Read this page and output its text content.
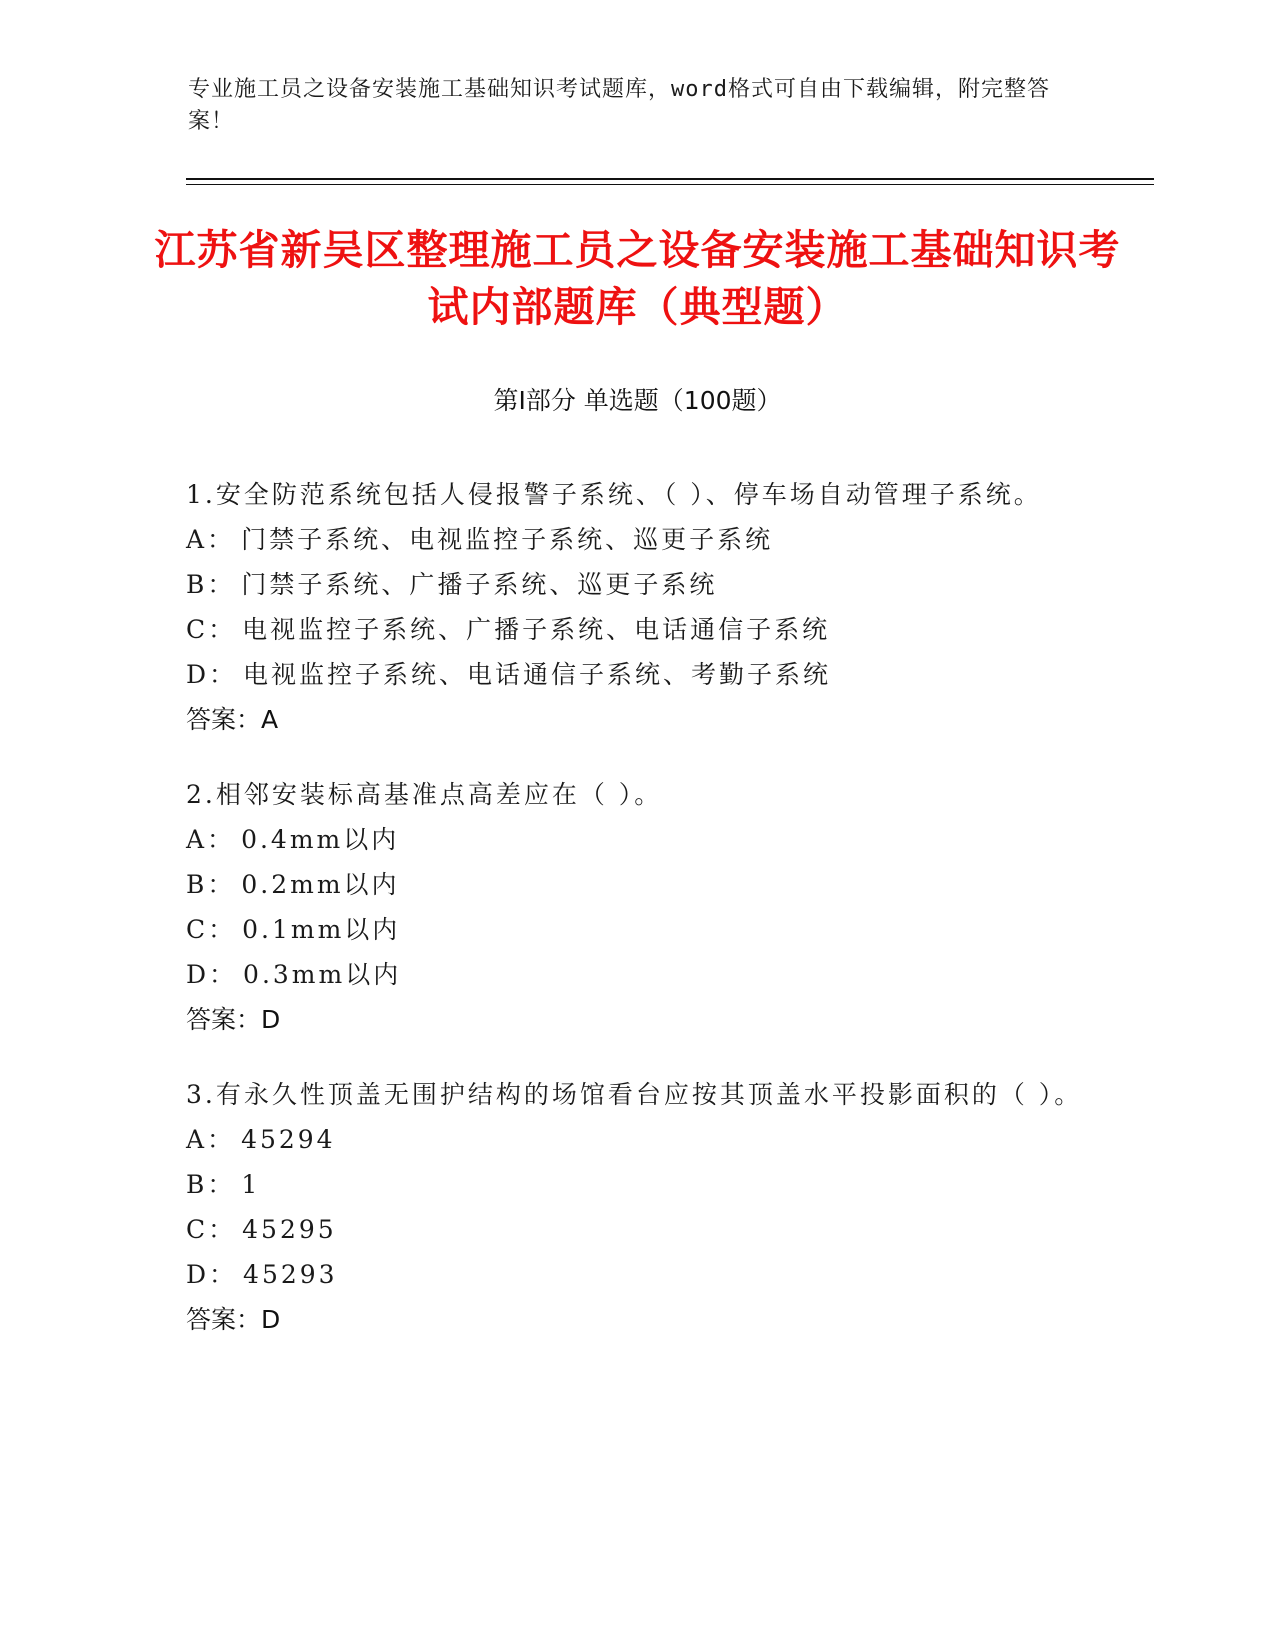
专业施工员之设备安装施工基础知识考试题库，word格式可自由下载编辑，附完整答案！
江苏省新吴区整理施工员之设备安装施工基础知识考试内部题库（典型题）
第Ⅰ部分 单选题（100题）

1.安全防范系统包括人侵报警子系统、（ ）、停车场自动管理子系统。

A： 门禁子系统、电视监控子系统、巡更子系统

B： 门禁子系统、广播子系统、巡更子系统

C： 电视监控子系统、广播子系统、电话通信子系统

D： 电视监控子系统、电话通信子系统、考勤子系统

答案：A

2.相邻安装标高基准点高差应在（ ）。

A： 0.4mm以内

B： 0.2mm以内

C： 0.1mm以内

D： 0.3mm以内

答案：D

3.有永久性顶盖无围护结构的场馆看台应按其顶盖水平投影面积的（ ）。

A： 45294

B： 1

C： 45295

D： 45293

答案：D
